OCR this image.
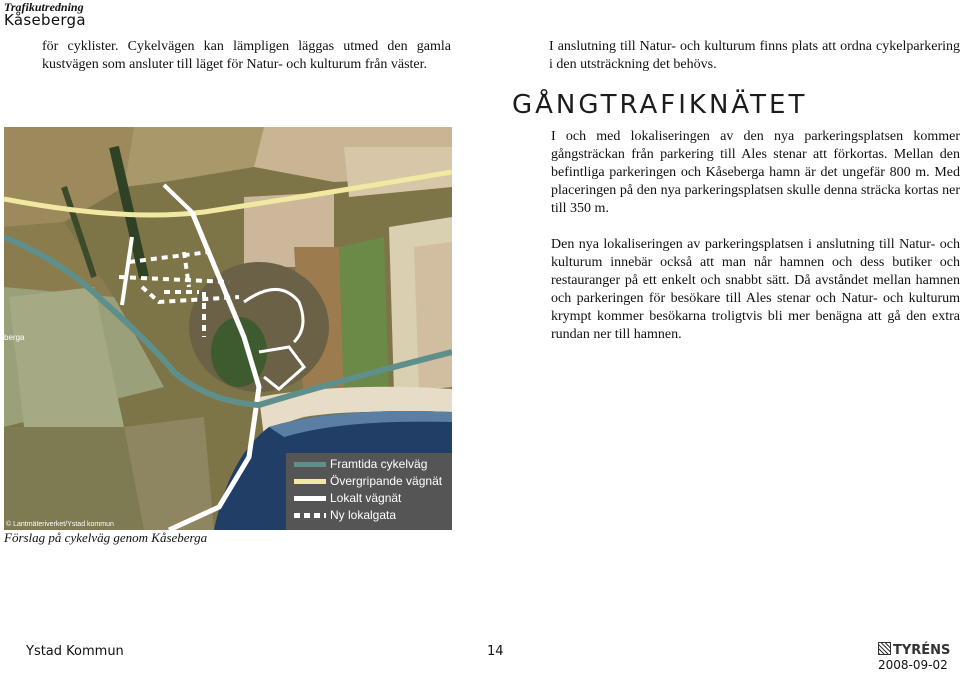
Trafikutredning
Kåseberga

för cyklister. Cykelvägen kan lämpligen läggas utmed den gamla kustvägen som ansluter till läget för Natur- och kulturum från väster.

I anslutning till Natur- och kulturum finns plats att ordna cykelparkering i den utsträckning det behövs.

GÅNGTRAFIKNÄTET

I och med lokaliseringen av den nya parkeringsplatsen kommer gångsträckan från parkering till Ales stenar att förkortas. Mellan den befintliga parkeringen och Kåseberga hamn är det ungefär 800 m. Med placeringen på den nya parkeringsplatsen skulle denna sträcka kortas ner till 350 m.

Den nya lokaliseringen av parkeringsplatsen i anslutning till Natur- och kulturum innebär också att man når hamnen och dess butiker och restauranger på ett enkelt och snabbt sätt. Då avståndet mellan hamnen och parkeringen för besökare till Ales stenar och Natur- och kulturum krympt kommer besökarna troligtvis bli mer benägna att gå den extra rundan ner till hamnen.

berga
© Lantmäteriverket/Ystad kommun
Framtida cykelväg
Övergripande vägnät
Lokalt vägnät
Ny lokalgata
Förslag på cykelväg genom Kåseberga
Ystad Kommun	14	TYRÉNS
2008-09-02
